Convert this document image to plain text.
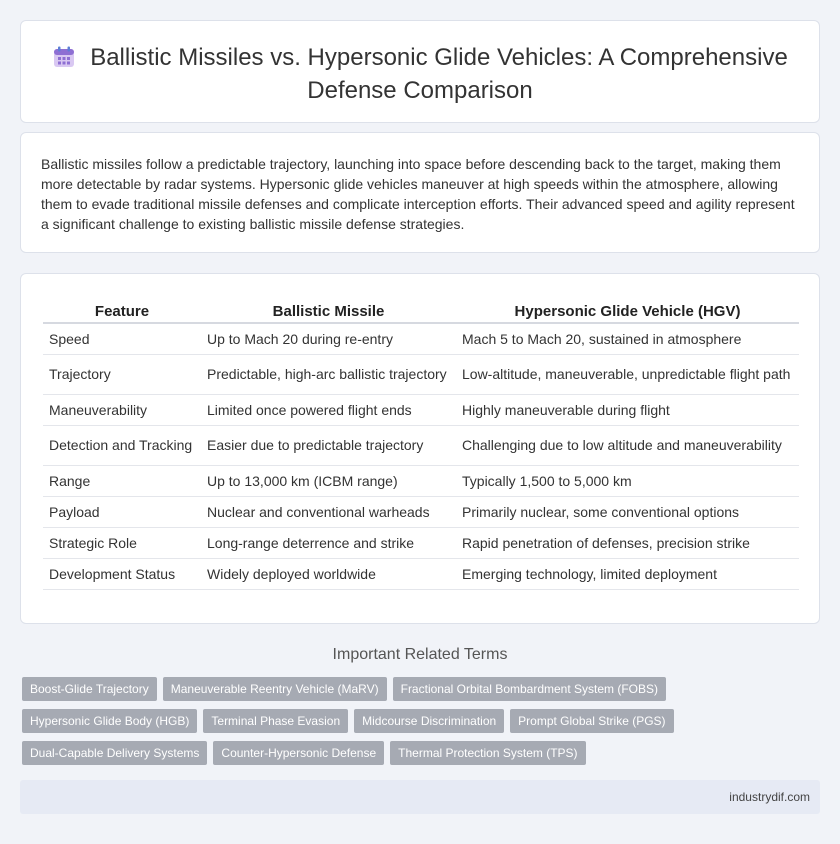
Ballistic Missiles vs. Hypersonic Glide Vehicles: A Comprehensive Defense Comparison

Ballistic missiles follow a predictable trajectory, launching into space before descending back to the target, making them more detectable by radar systems. Hypersonic glide vehicles maneuver at high speeds within the atmosphere, allowing them to evade traditional missile defenses and complicate interception efforts. Their advanced speed and agility represent a significant challenge to existing ballistic missile defense strategies.

Feature	Ballistic Missile	Hypersonic Glide Vehicle (HGV)
Speed	Up to Mach 20 during re-entry	Mach 5 to Mach 20, sustained in atmosphere
Trajectory	Predictable, high-arc ballistic trajectory	Low-altitude, maneuverable, unpredictable flight path
Maneuverability	Limited once powered flight ends	Highly maneuverable during flight
Detection and Tracking	Easier due to predictable trajectory	Challenging due to low altitude and maneuverability
Range	Up to 13,000 km (ICBM range)	Typically 1,500 to 5,000 km
Payload	Nuclear and conventional warheads	Primarily nuclear, some conventional options
Strategic Role	Long-range deterrence and strike	Rapid penetration of defenses, precision strike
Development Status	Widely deployed worldwide	Emerging technology, limited deployment
Important Related Terms
Boost-Glide Trajectory	Maneuverable Reentry Vehicle (MaRV)	Fractional Orbital Bombardment System (FOBS)
Hypersonic Glide Body (HGB)	Terminal Phase Evasion	Midcourse Discrimination	Prompt Global Strike (PGS)
Dual-Capable Delivery Systems	Counter-Hypersonic Defense	Thermal Protection System (TPS)
industrydif.com
